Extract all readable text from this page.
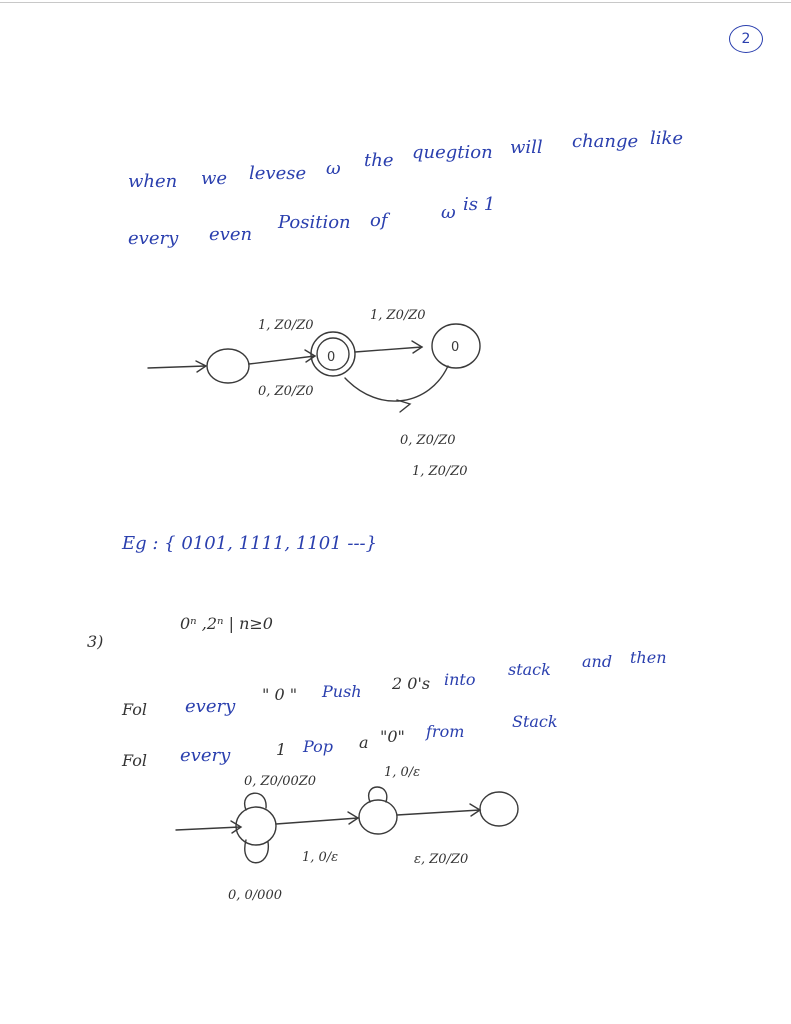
2
when we levese ω the quegtion will change like
every even
Position of	ω is 1
0
0
1, Z0/Z0
1, Z0/Z0
0, Z0/Z0
0, Z0/Z0
1, Z0/Z0
Eg : { 0101, 1111, 1101 ---}
3)
0ⁿ ,2ⁿ | n≥0
Fol every
" 0 " Push 2 0's into
stack and then
Fol every	1 Pop a "0" from
Stack
0, Z0/00Z0
1, 0/ε
1, 0/ε	ε, Z0/Z0
0, 0/000
